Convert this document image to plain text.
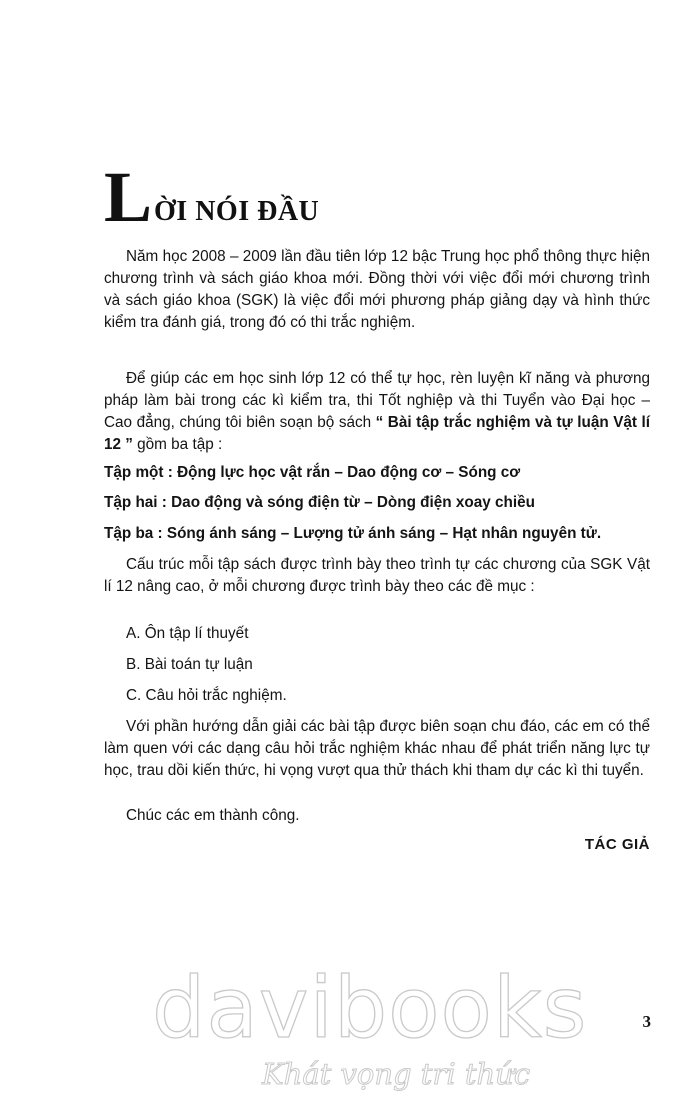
L ỜI NÓI ĐẦU

Năm học 2008 – 2009 lần đầu tiên lớp 12 bậc Trung học phổ thông thực hiện chương trình và sách giáo khoa mới. Đồng thời với việc đổi mới chương trình và sách giáo khoa (SGK) là việc đổi mới phương pháp giảng dạy và hình thức kiểm tra đánh giá, trong đó có thi trắc nghiệm.

Để giúp các em học sinh lớp 12 có thể tự học, rèn luyện kĩ năng và phương pháp làm bài trong các kì kiểm tra, thi Tốt nghiệp và thi Tuyển vào Đại học – Cao đẳng, chúng tôi biên soạn bộ sách “ Bài tập trắc nghiệm và tự luận Vật lí 12 ” gồm ba tập :

Tập một : Động lực học vật rắn – Dao động cơ – Sóng cơ

Tập hai : Dao động và sóng điện từ – Dòng điện xoay chiều

Tập ba : Sóng ánh sáng – Lượng tử ánh sáng – Hạt nhân nguyên tử.

Cấu trúc mỗi tập sách được trình bày theo trình tự các chương của SGK Vật lí 12 nâng cao, ở mỗi chương được trình bày theo các đề mục :

A. Ôn tập lí thuyết

B. Bài toán tự luận

C. Câu hỏi trắc nghiệm.

Với phần hướng dẫn giải các bài tập được biên soạn chu đáo, các em có thể làm quen với các dạng câu hỏi trắc nghiệm khác nhau để phát triển năng lực tự học, trau dồi kiến thức, hi vọng vượt qua thử thách khi tham dự các kì thi tuyển.

Chúc các em thành công.

TÁC GIẢ

3

davibooks
Khát vọng tri thức
